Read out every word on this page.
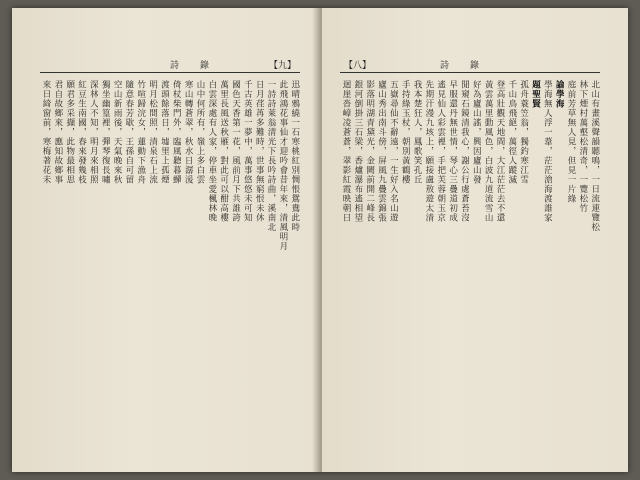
詩　錄	【九】
迅晴鴉繞一石寒桃紅別惆悵鴛鴦此時
此飛鴻花事仙才迎吟會昔年來，清風明月
一詩詩萊翁淸光下長吟詩曲，溪南北
日月荏苒多難時，世事無窮恨未休
千古英雄一夢中，萬事悠悠未可知
國色天香第一花，風前月下共誰誇
萬里長風送秋雁，對此可以酣高樓
白雲深處有人家，停車坐愛楓林晚
山中何所有，嶺上多白雲
寒山轉蒼翠，秋水日潺湲
倚杖柴門外，臨風聽暮蟬
渡頭餘落日，墟里上孤煙
明月松間照，清泉石上流
竹喧歸浣女，蓮動下漁舟
隨意春芳歇，王孫自可留
空山新雨後，天氣晚來秋
獨坐幽篁裡，彈琴復長嘯
深林人不知，明月來相照
紅豆生南國，春來發幾枝
願君多采擷，此物最相思
君自故鄉來，應知故鄉事
來日綺窗前，寒梅著花未
【八】	詩　錄
北山有畫溪聲韻聽鳴，一日流連覽松
林下煙村萬壑松清奇，一覽松竹
庭前芳草無人見，但見一片綠
諭學海
學海無人浮一葦，茫茫滄海渡誰家
題聖賢
孤舟蓑笠翁，獨釣寒江雪
千山鳥飛絕，萬徑人蹤滅
登高壯觀天地間，大江茫茫去不還
黃雲萬里動風色，白波九道流雪山
好為廬山謠，興因廬山發
閒窺石鏡清我心，謝公行處蒼苔沒
早服還丹無世情，琴心三疊道初成
遙見仙人彩雲裡，手把芙蓉朝玉京
先期汗漫九垓上，願接盧敖遊太清
我本楚狂人，鳳歌笑孔丘
手持綠玉杖，朝別黃鶴樓
五嶽尋仙不辭遠，一生好入名山遊
廬山秀出南斗傍，屏風九疊雲錦張
影落明湖青黛光，金闕前開二峰長
銀河倒掛三石梁，香爐瀑布遙相望
迴崖沓嶂凌蒼蒼，翠影紅霞映朝日
